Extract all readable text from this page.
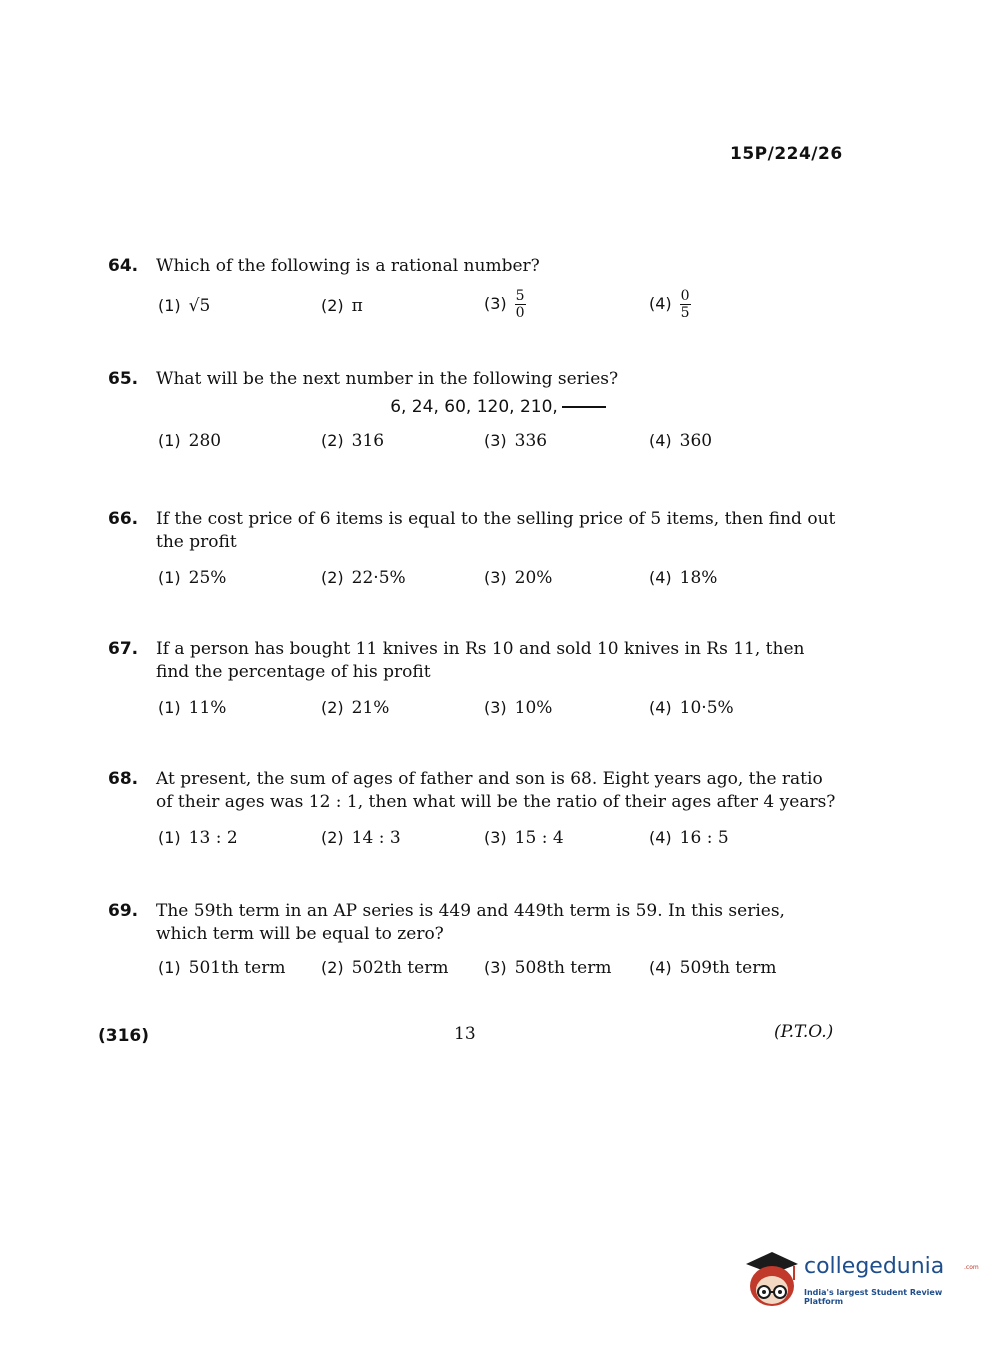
15P/224/26
64.	Which of the following is a rational number?
(1) √5	(2) π	$(3) \frac{5}{0}$	$(4) \frac{0}{5}$
65.	What will be the next number in the following series?
6, 24, 60, 120, 210,
(1) 280	(2) 316	(3) 336	(4) 360
66.	If the cost price of 6 items is equal to the selling price of 5 items, then find out the profit
(1) 25%	(2) 22·5%	(3) 20%	(4) 18%
67.	If a person has bought 11 knives in Rs 10 and sold 10 knives in Rs 11, then find the percentage of his profit
(1) 11%	(2) 21%	(3) 10%	(4) 10·5%
68.	At present, the sum of ages of father and son is 68. Eight years ago, the ratio of their ages was 12 : 1, then what will be the ratio of their ages after 4 years?
(1) 13 : 2	(2) 14 : 3	(3) 15 : 4	(4) 16 : 5
69.	The 59th term in an AP series is 449 and 449th term is 59. In this series, which term will be equal to zero?
(1) 501th term (2) 502th term (3) 508th term (4) 509th term
(316)	13	(P.T.O.)
collegedunia	.com
India's largest Student Review Platform
